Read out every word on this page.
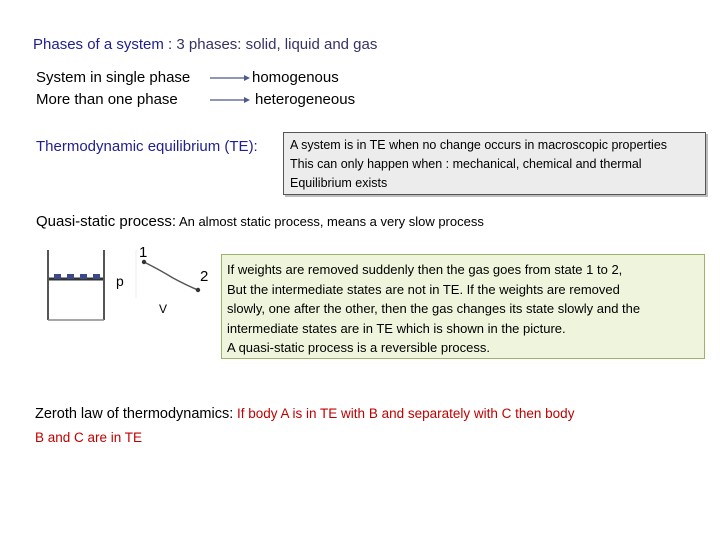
Phases of a system : 3 phases: solid, liquid and gas
System in single phase
More than one phase
homogenous
heterogeneous
Thermodynamic equilibrium (TE):	A system is in TE when no change occurs in macroscopic properties
This can only happen when : mechanical, chemical and thermal
Equilibrium exists
Quasi-static process: An almost static process, means a very slow process
1
2
p
V
If weights are removed suddenly then the gas goes from state 1 to 2,
But the intermediate states are not in TE. If the weights are removed
slowly, one after the other, then the gas changes its state slowly and the
intermediate states are in TE which is shown in the picture.
A quasi-static process is a reversible process.
Zeroth law of thermodynamics: If body A is in TE with B and separately with C then body
B and C are in TE
